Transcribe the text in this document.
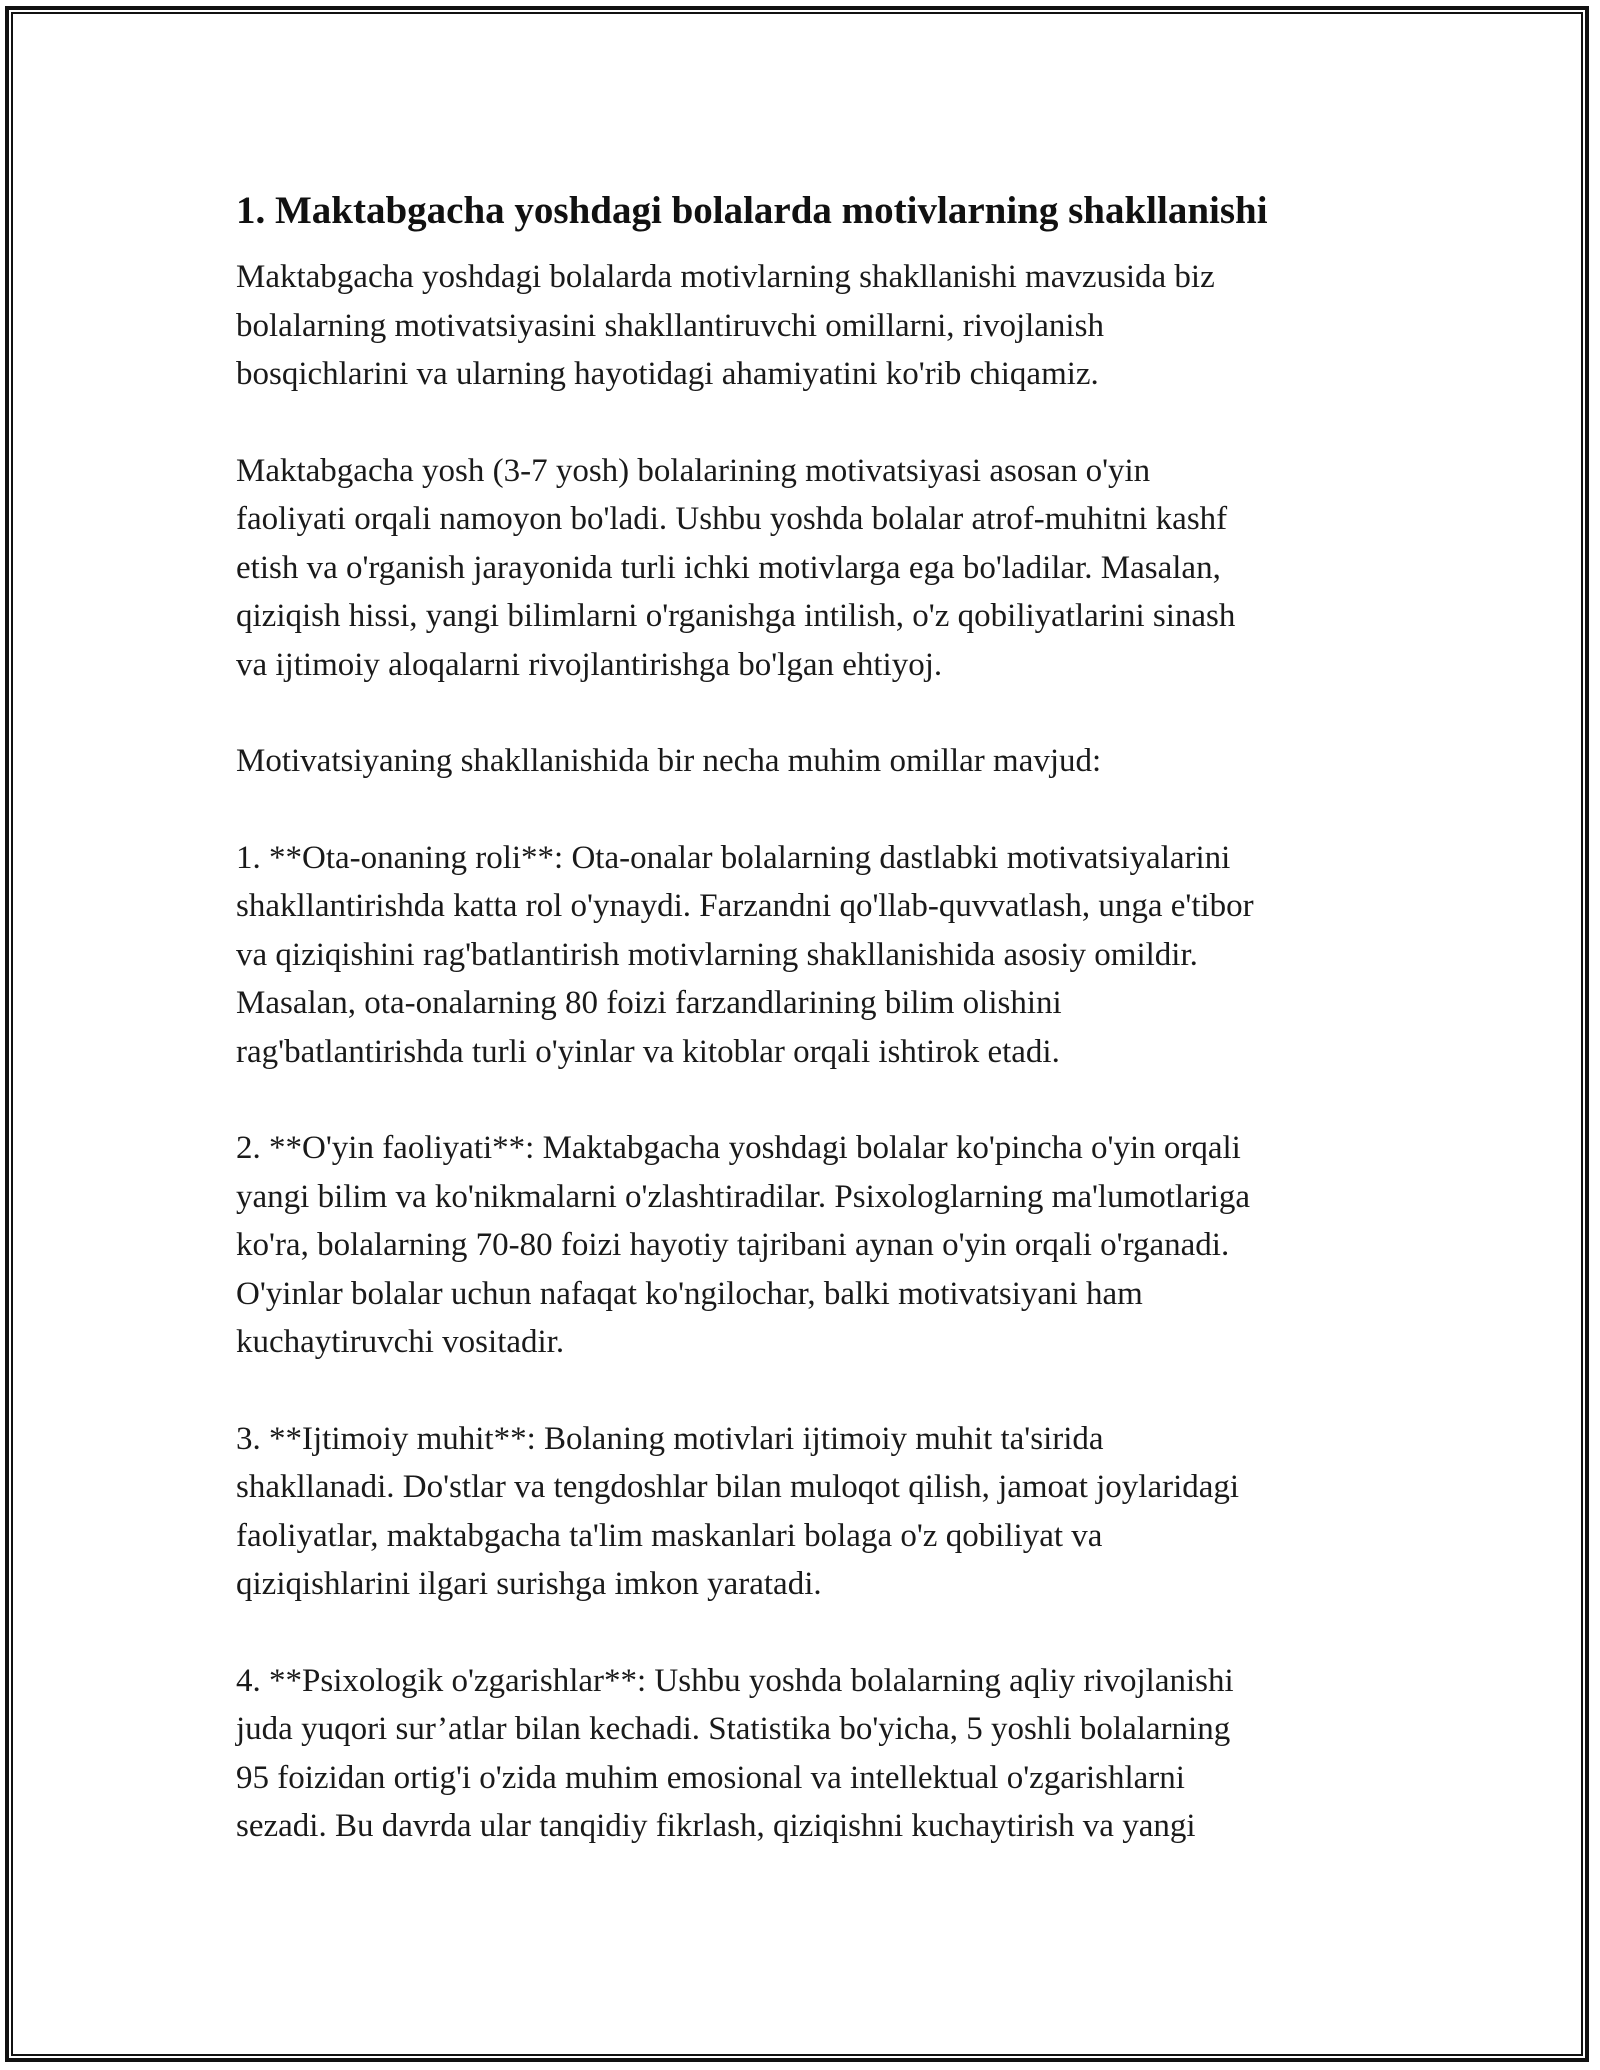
1. Maktabgacha yoshdagi bolalarda motivlarning shakllanishi

Maktabgacha yoshdagi bolalarda motivlarning shakllanishi mavzusida biz
bolalarning motivatsiyasini shakllantiruvchi omillarni, rivojlanish
bosqichlarini va ularning hayotidagi ahamiyatini ko'rib chiqamiz.

Maktabgacha yosh (3-7 yosh) bolalarining motivatsiyasi asosan o'yin
faoliyati orqali namoyon bo'ladi. Ushbu yoshda bolalar atrof-muhitni kashf
etish va o'rganish jarayonida turli ichki motivlarga ega bo'ladilar. Masalan,
qiziqish hissi, yangi bilimlarni o'rganishga intilish, o'z qobiliyatlarini sinash
va ijtimoiy aloqalarni rivojlantirishga bo'lgan ehtiyoj.

Motivatsiyaning shakllanishida bir necha muhim omillar mavjud:

1. **Ota-onaning roli**: Ota-onalar bolalarning dastlabki motivatsiyalarini
shakllantirishda katta rol o'ynaydi. Farzandni qo'llab-quvvatlash, unga e'tibor
va qiziqishini rag'batlantirish motivlarning shakllanishida asosiy omildir.
Masalan, ota-onalarning 80 foizi farzandlarining bilim olishini
rag'batlantirishda turli o'yinlar va kitoblar orqali ishtirok etadi.

2. **O'yin faoliyati**: Maktabgacha yoshdagi bolalar ko'pincha o'yin orqali
yangi bilim va ko'nikmalarni o'zlashtiradilar. Psixologlarning ma'lumotlariga
ko'ra, bolalarning 70-80 foizi hayotiy tajribani aynan o'yin orqali o'rganadi.
O'yinlar bolalar uchun nafaqat ko'ngilochar, balki motivatsiyani ham
kuchaytiruvchi vositadir.

3. **Ijtimoiy muhit**: Bolaning motivlari ijtimoiy muhit ta'sirida
shakllanadi. Do'stlar va tengdoshlar bilan muloqot qilish, jamoat joylaridagi
faoliyatlar, maktabgacha ta'lim maskanlari bolaga o'z qobiliyat va
qiziqishlarini ilgari surishga imkon yaratadi.

4. **Psixologik o'zgarishlar**: Ushbu yoshda bolalarning aqliy rivojlanishi
juda yuqori sur’atlar bilan kechadi. Statistika bo'yicha, 5 yoshli bolalarning
95 foizidan ortig'i o'zida muhim emosional va intellektual o'zgarishlarni
sezadi. Bu davrda ular tanqidiy fikrlash, qiziqishni kuchaytirish va yangi
